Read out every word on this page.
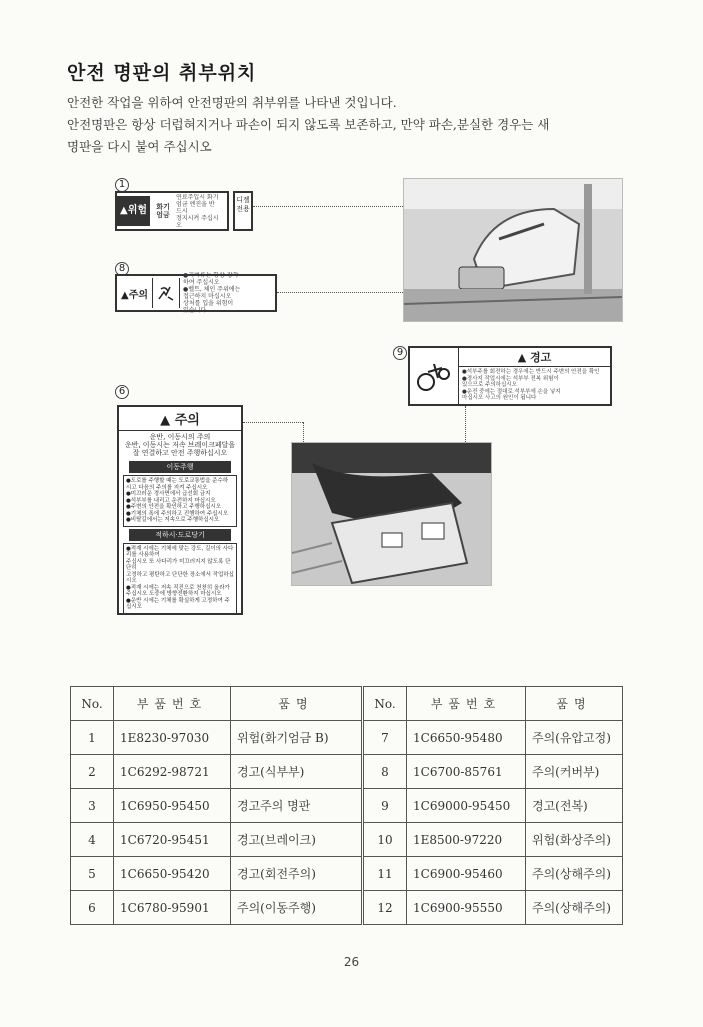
안전 명판의 취부위치

안전한 작업을 위하여 안전명판의 취부위를 나타낸 것입니다.

안전명판은 항상 더럽혀지거나 파손이 되지 않도록 보존하고, 만약 파손,분실한 경우는 새

명판을 다시 붙여 주십시오

1
▲위험	화기
엄금
연료주입시 화기
엄금 엔진을 반드시
정지시켜 주십시오
디젤
전용
8
▲주의
●커버류는 항상 장착
하여 주십시오
●벨트, 체인 주위에는
접근하지 마십시오
상처를 입을 위험이
있습니다
9	▲ 경고
●석부주를 회전하는 경우에는 반드시 주변의 안전을 확인
●경사지 작업시에는 석부부 전복 위험이
있으므로 주의하십시오
●운전 중에는 절대로 석부부에 손을 넣지
마십시오 사고의 원인이 됩니다
6
▲ 주의
운반, 이동시의 주의
운반, 이동시는 저속 브레이크페달을
잘 연결하고 안전 주행하십시오
이동주행
●도로를 주행할 때는 도로교통법을 준수하
시고 다음의 주의를 지켜 주십시오
●미끄러운 경사면에서 급선회 금지
●석부부를 내리고 운전하지 마십시오
●주변의 안전을 확인하고 주행하십시오
●기체의 폭에 주의하고 진행하여 주십시오
●비탈길에서는 저속으로 주행하십시오
적하시·도로당기
●적재 시에는 기체에 맞는 강도, 길이의 사다리를 사용하여
주십시오 또 사다리가 미끄러지지 않도록 단단히
고정하고 평탄하고 단단한 장소에서 작업하십시오
●적재 시에는 저속 직진으로 천천히 올라가
주십시오 도중에 방향전환하지 마십시오
●운반 시에는 기체를 확실하게 고정하여 주십시오
No.	부품번호	품명	No.	부품번호	품명
1	1E8230-97030	위험(화기엄금 B)	7	1C6650-95480	주의(유압고정)
2	1C6292-98721	경고(식부부)	8	1C6700-85761	주의(커버부)
3	1C6950-95450	경고주의 명판	9	1C69000-95450	경고(전복)
4	1C6720-95451	경고(브레이크)	10	1E8500-97220	위험(화상주의)
5	1C6650-95420	경고(회전주의)	11	1C6900-95460	주의(상해주의)
6	1C6780-95901	주의(이동주행)	12	1C6900-95550	주의(상해주의)
26
